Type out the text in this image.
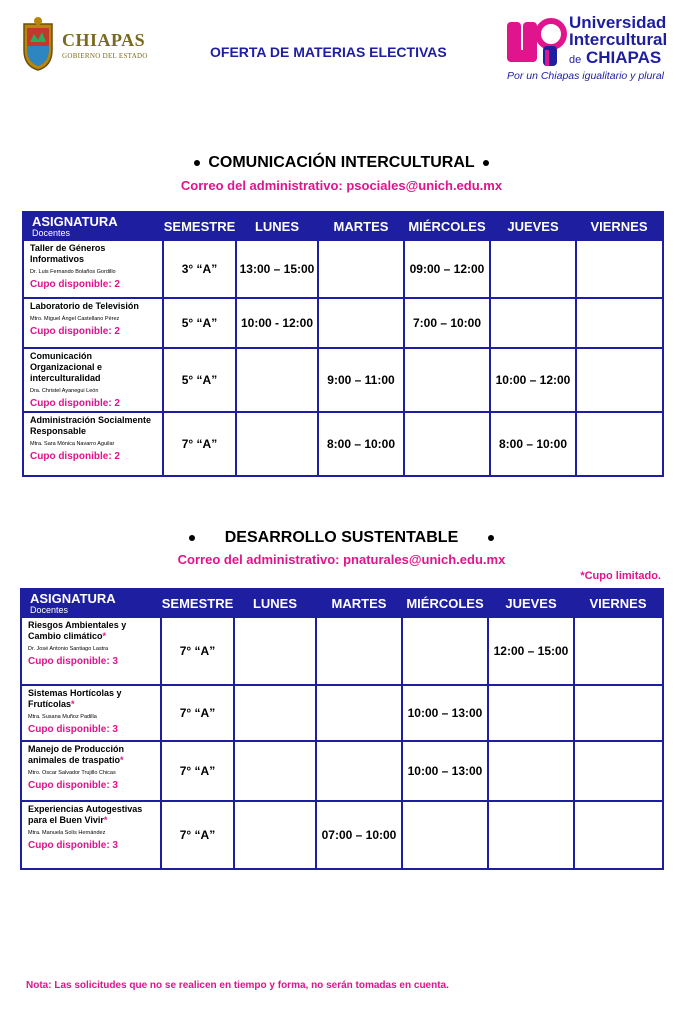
CHIAPAS
GOBIERNO DEL ESTADO	OFERTA DE MATERIAS ELECTIVAS
Universidad
Intercultural
de CHIAPAS
Por un Chiapas igualitario y plural
COMUNICACIÓN INTERCULTURAL
Correo del administrativo: psociales@unich.edu.mx
ASIGNATURA
Docentes	SEMESTRE	LUNES	MARTES	MIÉRCOLES	JUEVES	VIERNES

Taller de Géneros Informativos
Dr. Luis Fernando Bolaños Gordillo
Cupo disponible: 2	3° “A”	13:00 – 15:00		09:00 – 12:00		

Laboratorio de Televisión
Mtro. Miguel Ángel Castellano Pérez
Cupo disponible: 2	5° “A”	10:00 - 12:00		7:00 – 10:00		

Comunicación Organizacional e interculturalidad
Dra. Christel Ayanegui León
Cupo disponible: 2	5° “A”		9:00 – 11:00		10:00 – 12:00	

Administración Socialmente Responsable
Mtra. Sara Mónica Navarro Aguilar
Cupo disponible: 2	7° “A”		8:00 – 10:00		8:00 – 10:00	
DESARROLLO SUSTENTABLE
Correo del administrativo: pnaturales@unich.edu.mx
*Cupo limitado.
ASIGNATURA
Docentes	SEMESTRE	LUNES	MARTES	MIÉRCOLES	JUEVES	VIERNES

Riesgos Ambientales y Cambio climático*
Dr. José Antonio Santiago Lastra
Cupo disponible: 3	7° “A”				12:00 – 15:00	

Sistemas Hortícolas y Frutícolas*
Mtra. Susana Muñoz Padilla
Cupo disponible: 3	7° “A”			10:00 – 13:00		

Manejo de Producción animales de traspatio*
Mtro. Oscar Salvador Trujillo Chicas
Cupo disponible: 3	7° “A”			10:00 – 13:00		

Experiencias Autogestivas para el Buen Vivir*
Mtra. Manuela Solís Hernández
Cupo disponible: 3	7° “A”		07:00 – 10:00			
Nota: Las solicitudes que no se realicen en tiempo y forma, no serán tomadas en cuenta.
